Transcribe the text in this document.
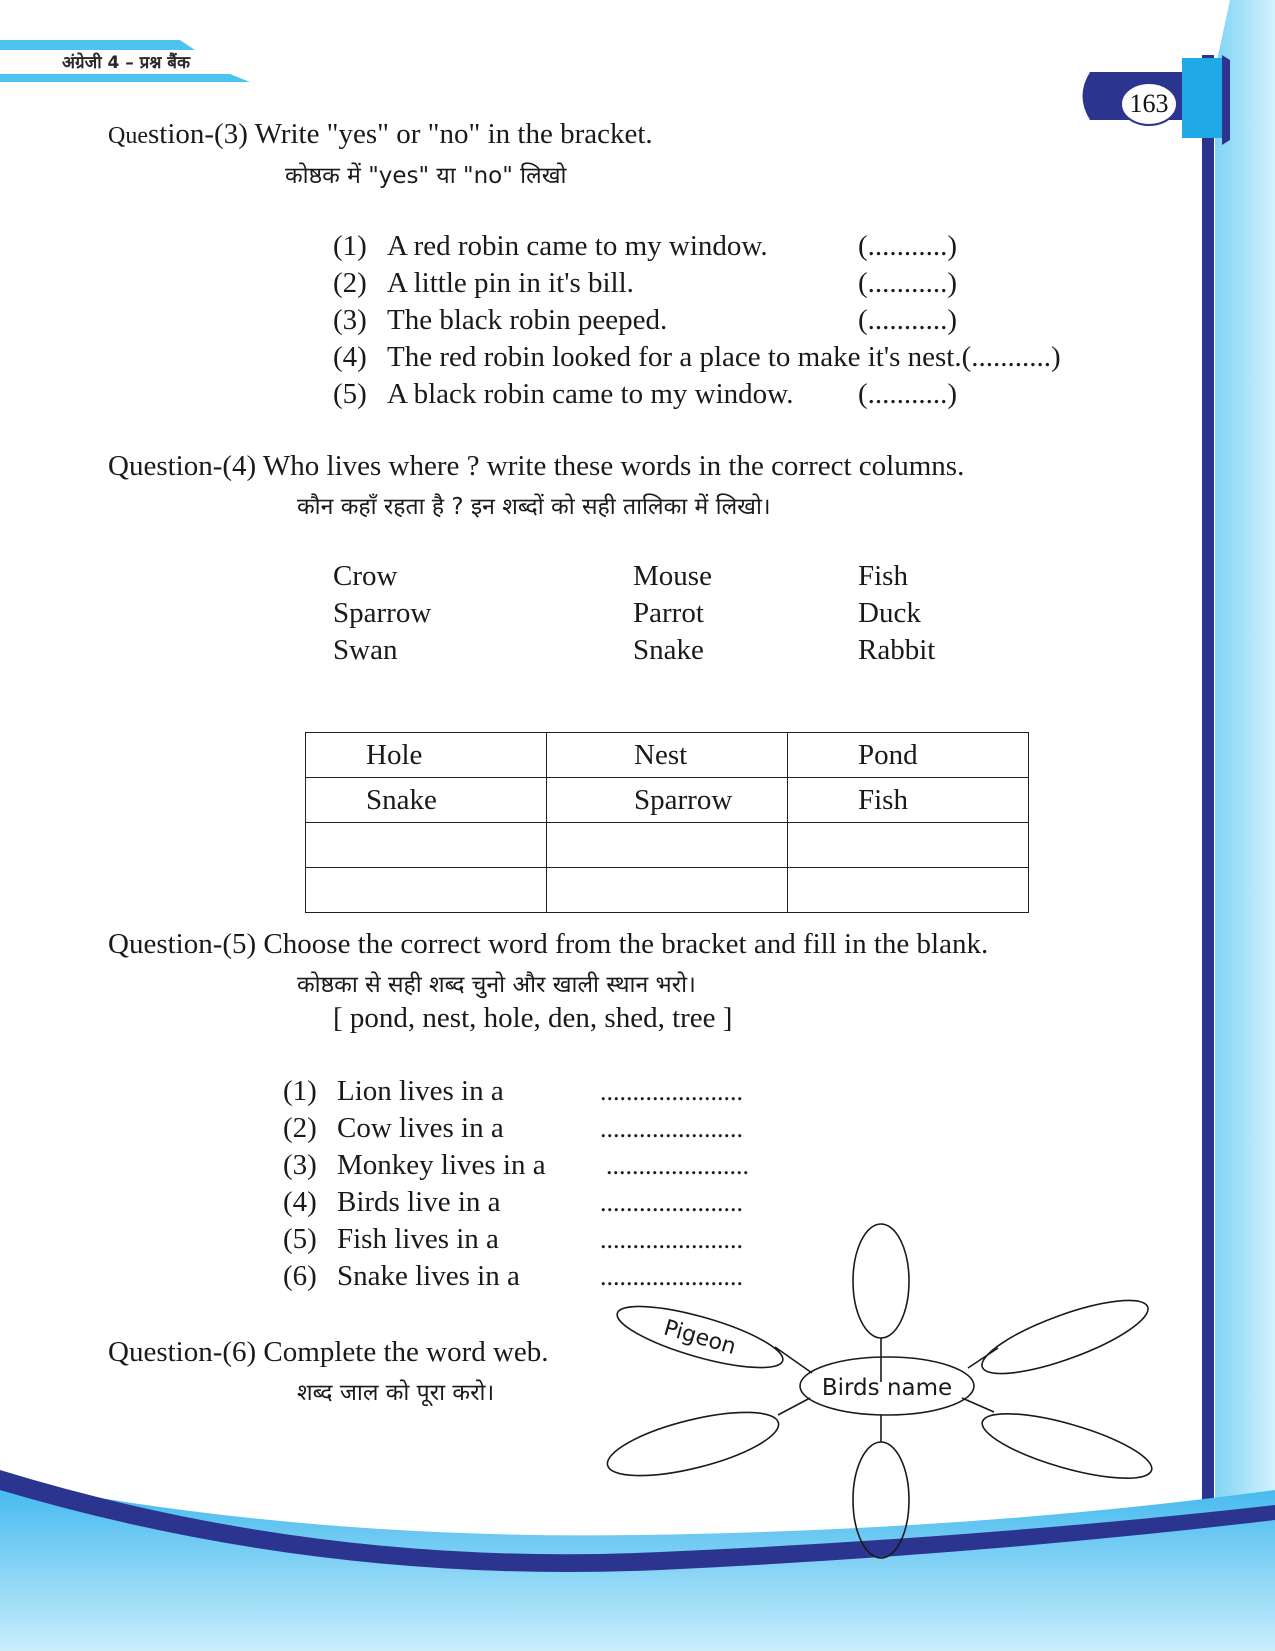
अंग्रेजी 4 – प्रश्न बैंक
163
Question-(3) Write "yes" or "no" in the bracket.
कोष्ठक में "yes" या "no" लिखो
(1) A red robin came to my window.	(...........)
(2) A little pin in it's bill.	(...........)
(3) The black robin peeped.	(...........)
(4) The red robin looked for a place to make it's nest.(...........)
(5) A black robin came to my window. (...........)
Question-(4) Who lives where ? write these words in the correct columns.
कौन कहाँ रहता है ? इन शब्दों को सही तालिका में लिखो।
Crow	Mouse	Fish
Sparrow	Parrot	Duck
Swan	Snake	Rabbit
Hole	Nest	Pond

Snake	Sparrow	Fish

Question-(5) Choose the correct word from the bracket and fill in the blank.
कोष्ठका से सही शब्द चुनो और खाली स्थान भरो।
[ pond, nest, hole, den, shed, tree ]
(1) Lion lives in a	......................
(2) Cow lives in a	......................
(3) Monkey lives in a ......................
(4) Birds live in a	......................
(5) Fish lives in a	......................
(6) Snake lives in a	......................
Question-(6) Complete the word web.
शब्द जाल को पूरा करो।	Birds name
Pigeon
